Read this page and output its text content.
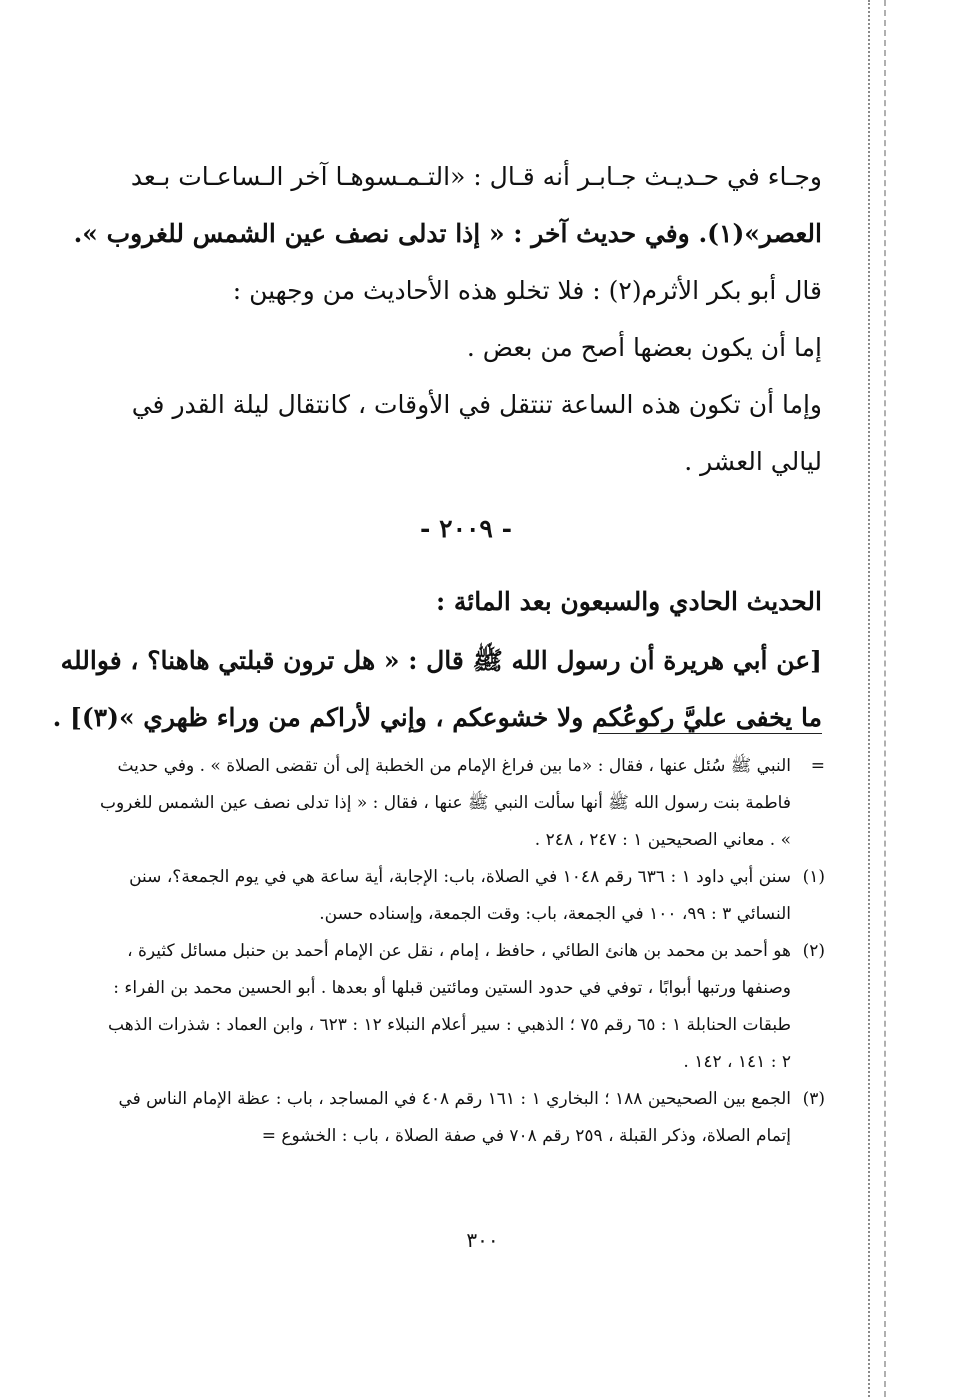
وجـاء في حـديـث جـابـر أنه قـال : «التـمـسوهـا آخر الـساعـات بـعد
العصر»(١). وفي حديث آخر : « إذا تدلى نصف عين الشمس للغروب ».
قال أبو بكر الأثرم(٢) : فلا تخلو هذه الأحاديث من وجهين :
إما أن يكون بعضها أصح من بعض .
وإما أن تكون هذه الساعة تنتقل في الأوقات ، كانتقال ليلة القدر في
ليالي العشر .
- ٢٠٠٩ -
الحديث الحادي والسبعون بعد المائة :
[عن أبي هريرة أن رسول الله ﷺ قال : « هل ترون قبلتي هاهنا؟ ، فوالله
ما يخفى عليَّ ركوعُكم ولا خشوعكم ، وإني لأراكم من وراء ظهري »(٣)] .
=
النبي ﷺ سُئل عنها ، فقال : «ما بين فراغ الإمام من الخطبة إلى أن تقضى الصلاة » . وفي حديث فاطمة بنت رسول الله ﷺ أنها سألت النبي ﷺ عنها ، فقال : « إذا تدلى نصف عين الشمس للغروب » . معاني الصحيحين ١ : ٢٤٧ ، ٢٤٨ .
(١)
سنن أبي داود ١ : ٦٣٦ رقم ١٠٤٨ في الصلاة، باب: الإجابة، أية ساعة هي في يوم الجمعة؟، سنن النسائي ٣ : ٩٩، ١٠٠ في الجمعة، باب: وقت الجمعة، وإسناده حسن.
(٢)
هو أحمد بن محمد بن هانئ الطائي ، حافظ ، إمام ، نقل عن الإمام أحمد بن حنبل مسائل كثيرة ، وصنفها ورتبها أبوابًا ، توفي في حدود الستين ومائتين قبلها أو بعدها . أبو الحسين محمد بن الفراء : طبقات الحنابلة ١ : ٦٥ رقم ٧٥ ؛ الذهبي : سير أعلام النبلاء ١٢ : ٦٢٣ ، وابن العماد : شذرات الذهب ٢ : ١٤١ ، ١٤٢ .
(٣)
الجمع بين الصحيحين ١٨٨ ؛ البخاري ١ : ١٦١ رقم ٤٠٨ في المساجد ، باب : عظة الإمام الناس في إتمام الصلاة، وذكر القبلة ، ٢٥٩ رقم ٧٠٨ في صفة الصلاة ، باب : الخشوع =
٣٠٠
